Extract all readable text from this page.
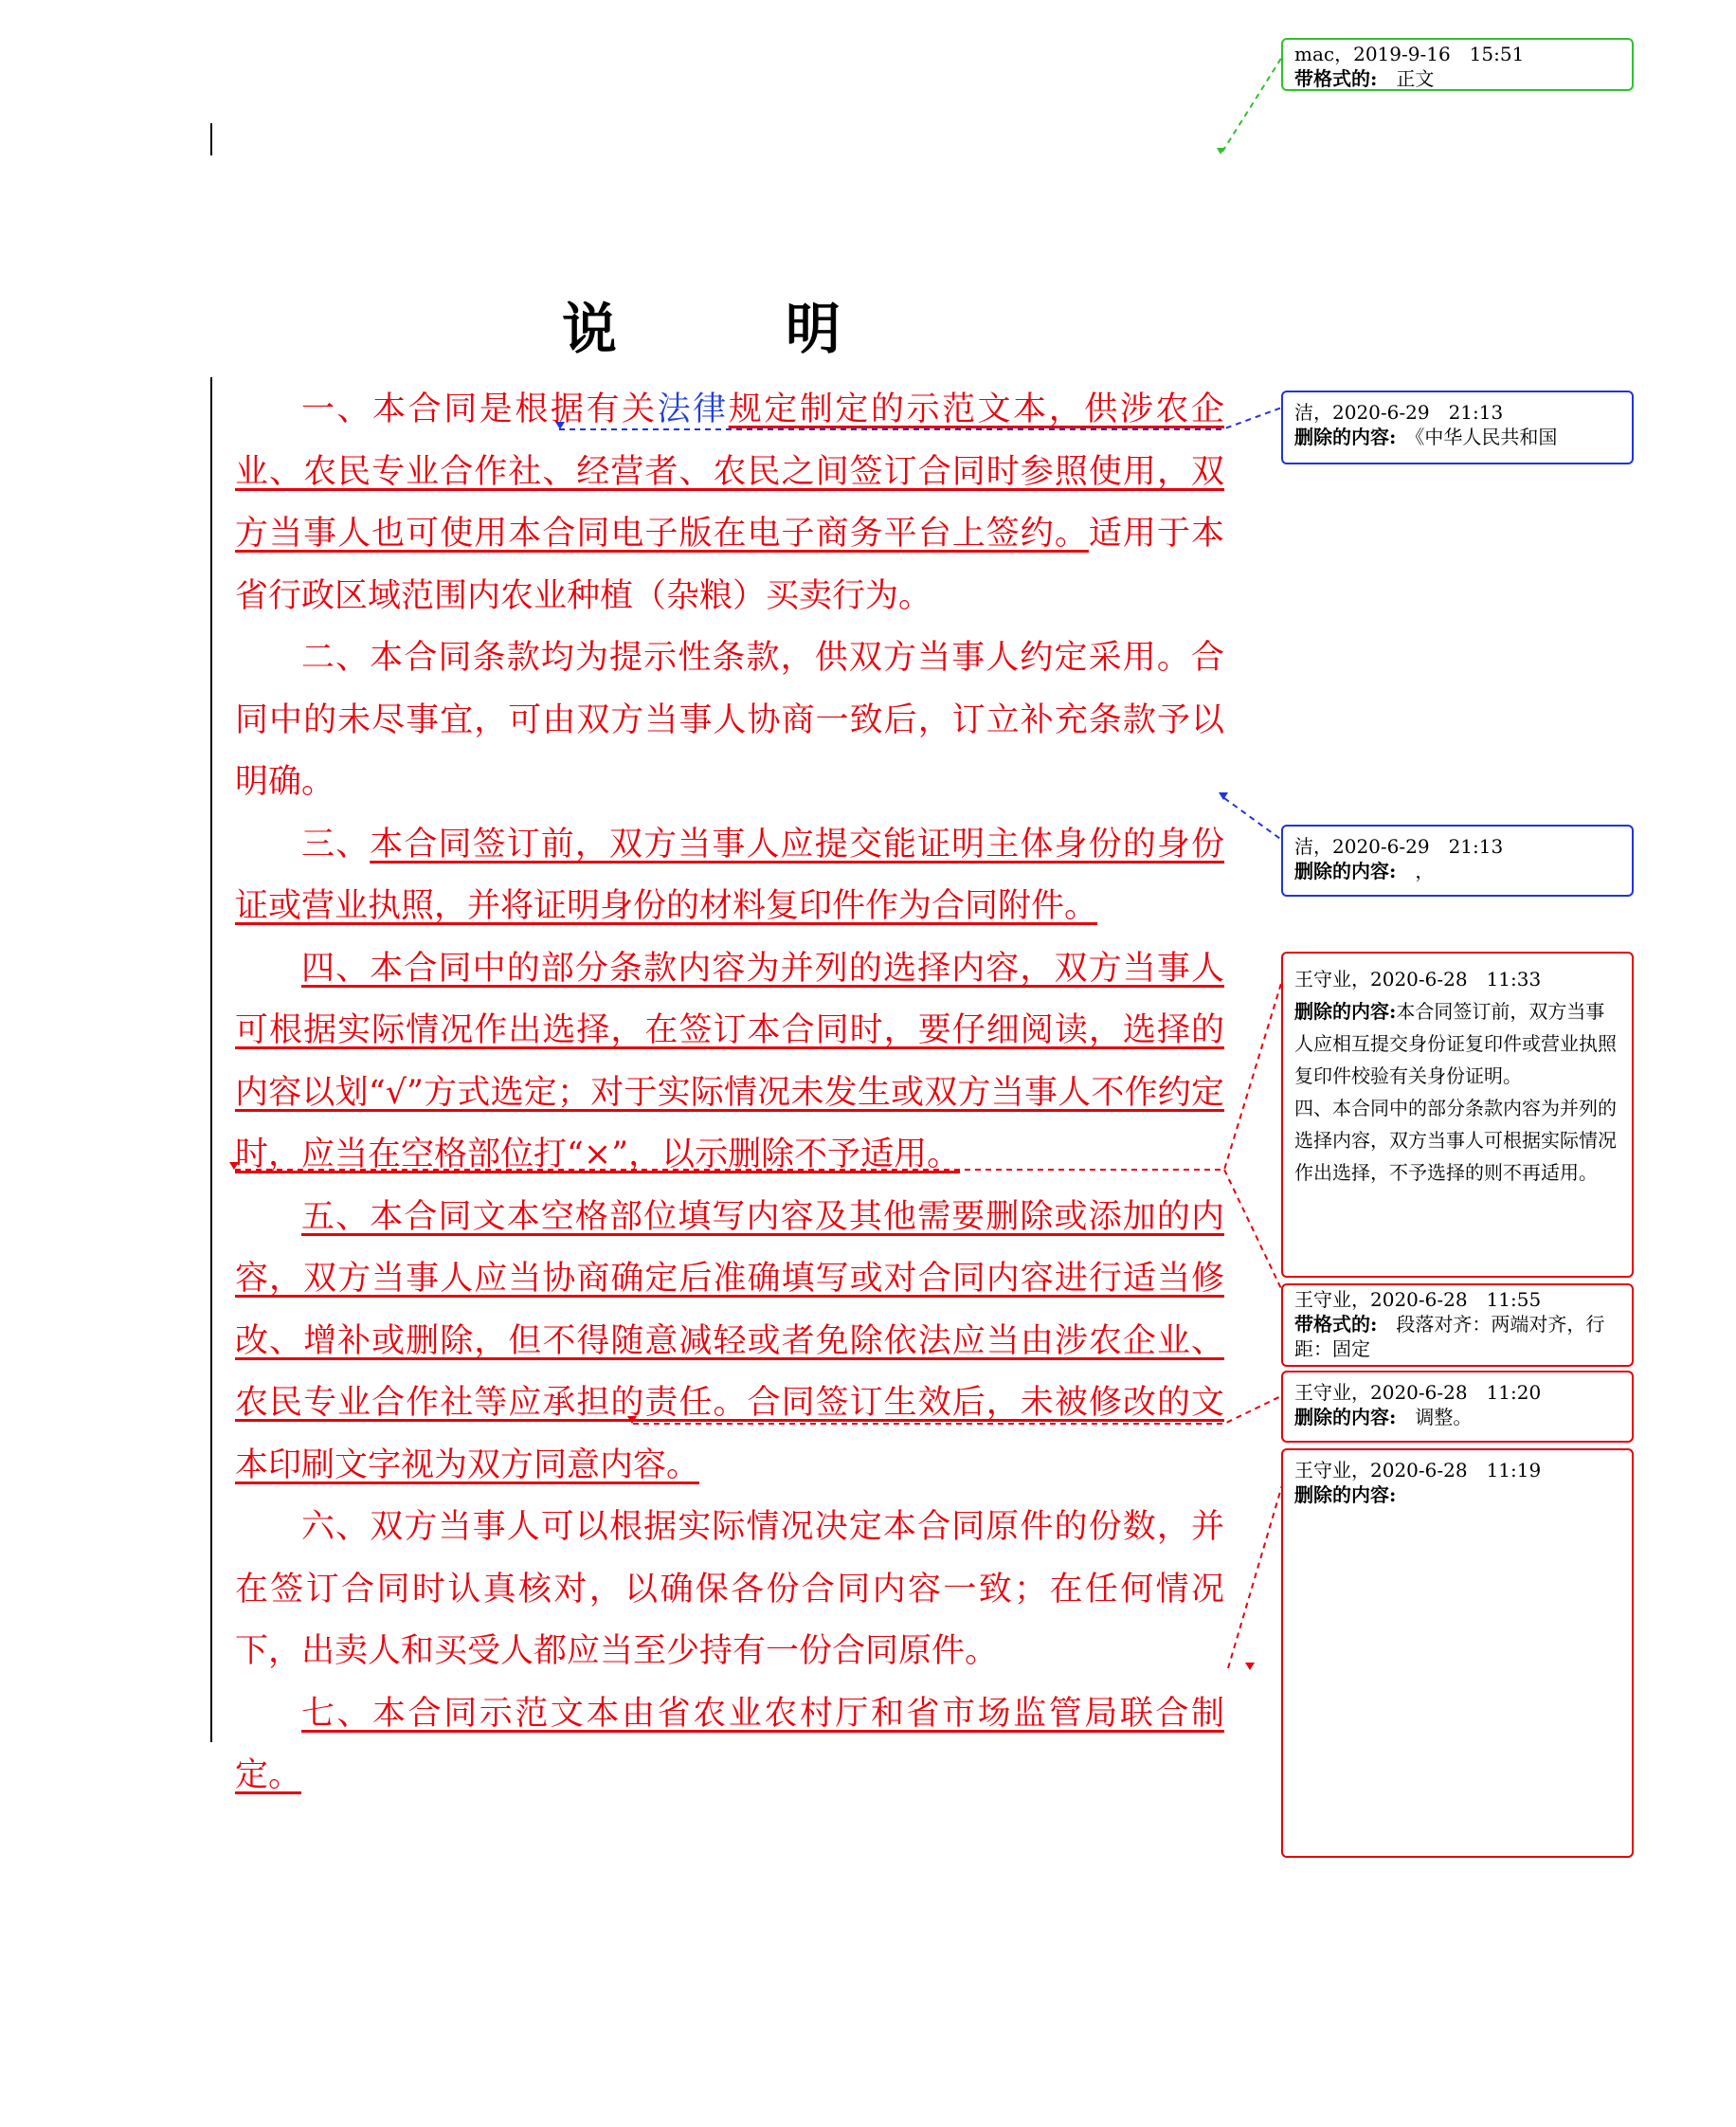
说　明

一、本合同是根据有关法律规定制定的示范文本，供涉农企业、农民专业合作社、经营者、农民之间签订合同时参照使用，双方当事人也可使用本合同电子版在电子商务平台上签约。适用于本省行政区域范围内农业种植（杂粮）买卖行为。

二、本合同条款均为提示性条款，供双方当事人约定采用。合同中的未尽事宜，可由双方当事人协商一致后，订立补充条款予以明确。

三、本合同签订前，双方当事人应提交能证明主体身份的身份证或营业执照，并将证明身份的材料复印件作为合同附件。

四、本合同中的部分条款内容为并列的选择内容，双方当事人可根据实际情况作出选择，在签订本合同时，要仔细阅读，选择的内容以划“√”方式选定；对于实际情况未发生或双方当事人不作约定时，应当在空格部位打“×”，以示删除不予适用。

五、本合同文本空格部位填写内容及其他需要删除或添加的内容，双方当事人应当协商确定后准确填写或对合同内容进行适当修改、增补或删除，但不得随意减轻或者免除依法应当由涉农企业、农民专业合作社等应承担的责任。合同签订生效后，未被修改的文本印刷文字视为双方同意内容。

六、双方当事人可以根据实际情况决定本合同原件的份数，并在签订合同时认真核对，以确保各份合同内容一致；在任何情况下，出卖人和买受人都应当至少持有一份合同原件。

七、本合同示范文本由省农业农村厅和省市场监管局联合制定。

mac，2019-9-16　15:51
带格式的:　 正文
洁，2020-6-29　21:13
删除的内容:　 《中华人民共和国
洁，2020-6-29　21:13
删除的内容:　 ，
王守业，2020-6-28　11:33
删除的内容:本合同签订前，双方当事人应相互提交身份证复印件或营业执照复印件校验有关身份证明。
四、本合同中的部分条款内容为并列的选择内容，双方当事人可根据实际情况作出选择，不予选择的则不再适用。
王守业，2020-6-28　11:55
带格式的:　 段落对齐：两端对齐，行距：固定
王守业，2020-6-28　11:20
删除的内容:　 调整。
王守业，2020-6-28　11:19
删除的内容:
